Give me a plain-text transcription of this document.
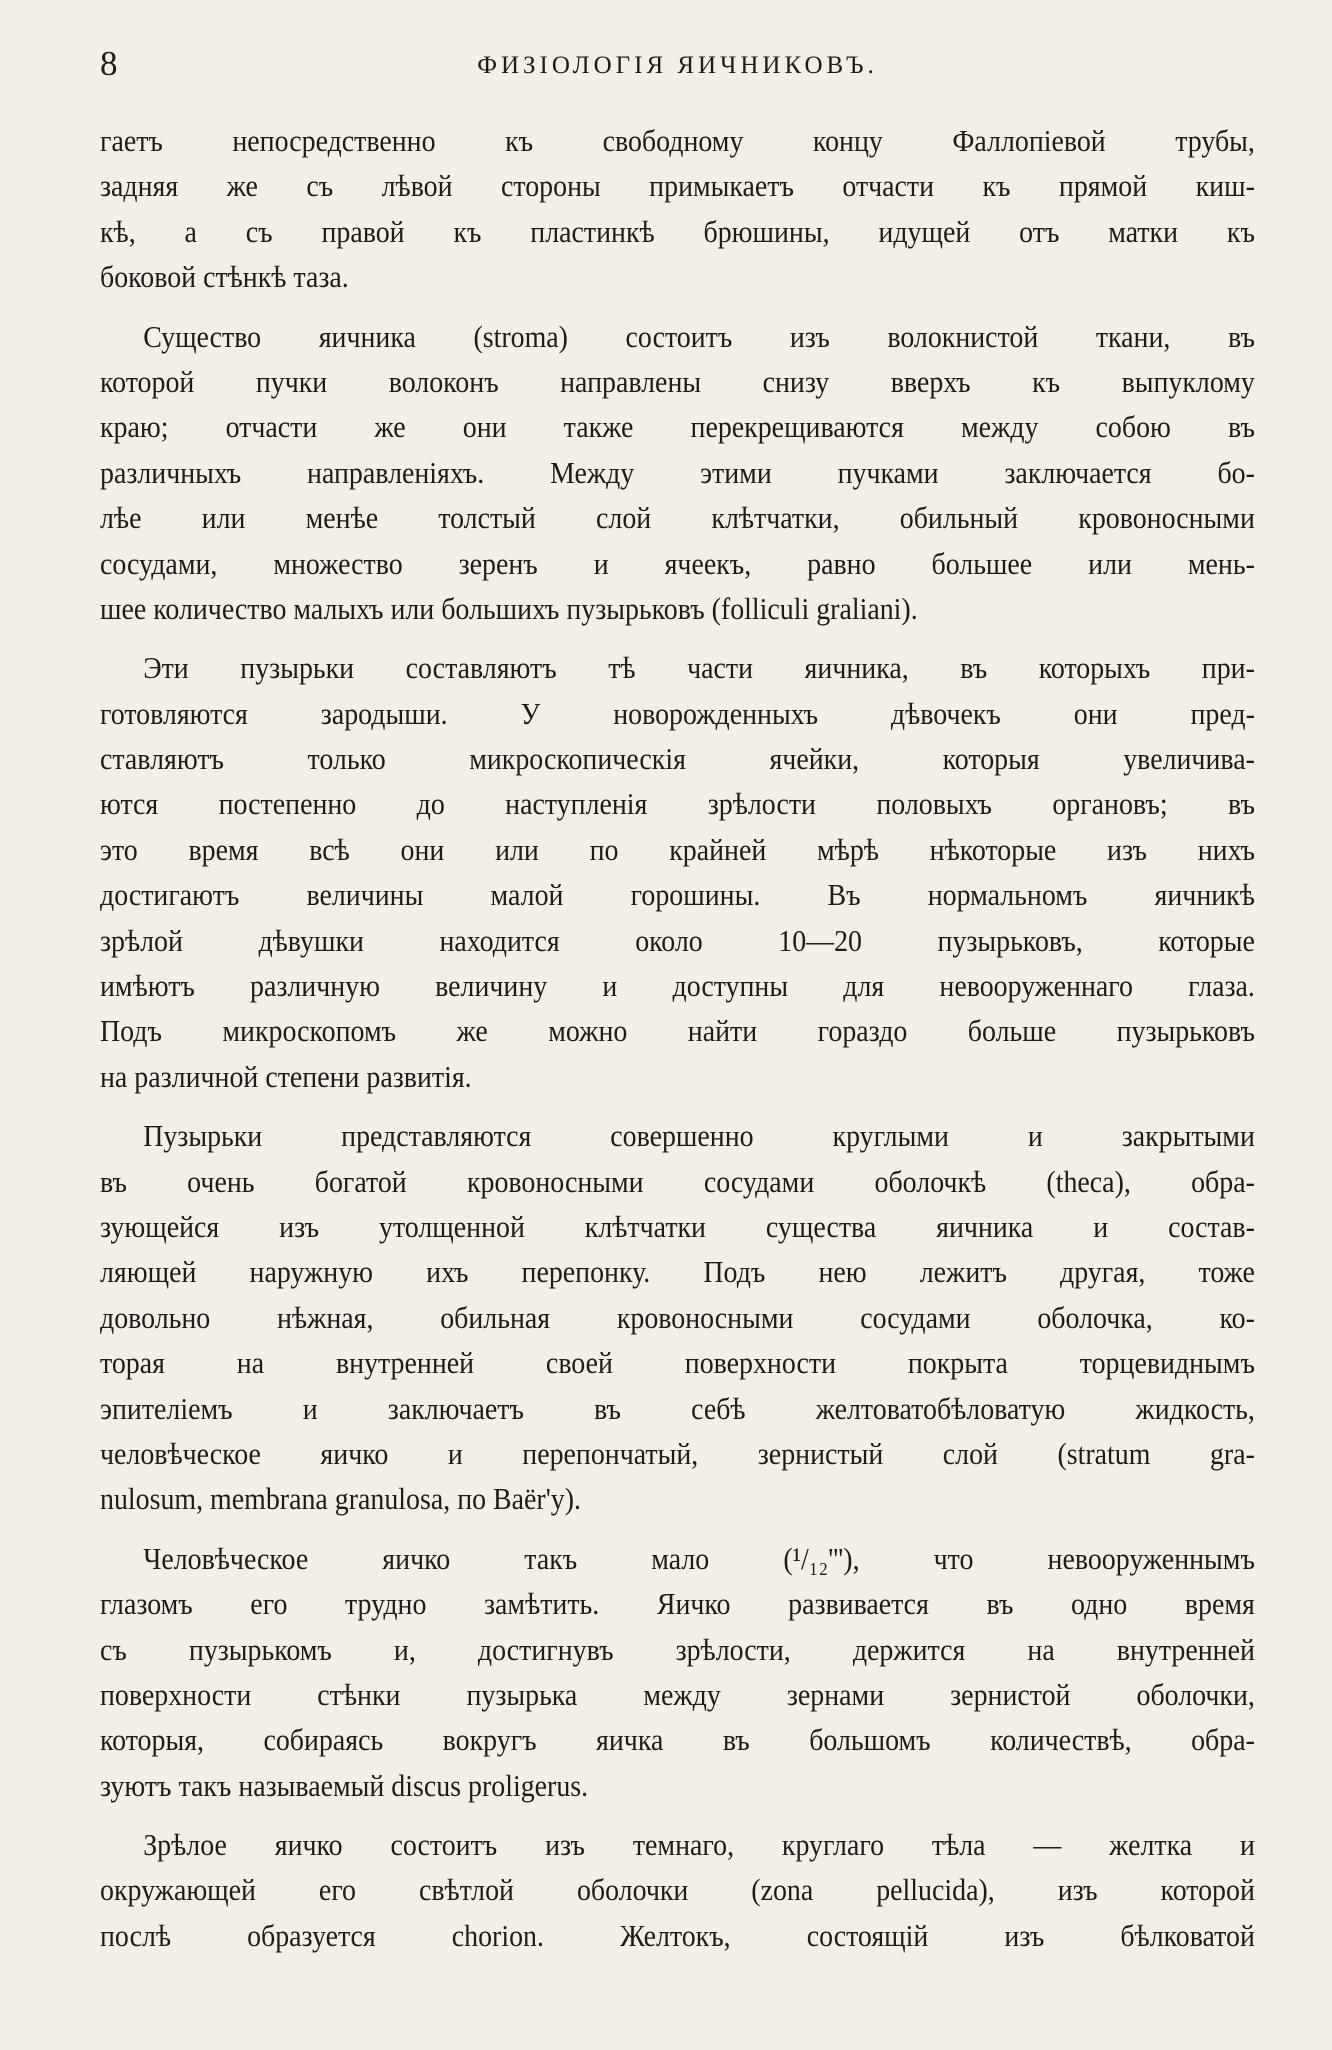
8	ФИЗІОЛОГІЯ ЯИЧНИКОВЪ.
гаетъ непосредственно къ свободному концу Фаллопіевой трубы,
задняя же съ лѣвой стороны примыкаетъ отчасти къ прямой киш-
кѣ, а съ правой къ пластинкѣ брюшины, идущей отъ матки къ
боковой стѣнкѣ таза.
Существо яичника (stroma) состоитъ изъ волокнистой ткани, въ
которой пучки волоконъ направлены снизу вверхъ къ выпуклому
краю; отчасти же они также перекрещиваются между собою въ
различныхъ направленіяхъ. Между этими пучками заключается бо-
лѣе или менѣе толстый слой клѣтчатки, обильный кровоносными
сосудами, множество зеренъ и ячеекъ, равно большее или мень-
шее количество малыхъ или большихъ пузырьковъ (folliculi graliani).
Эти пузырьки составляютъ тѣ части яичника, въ которыхъ при-
готовляются зародыши. У новорожденныхъ дѣвочекъ они пред-
ставляютъ только микроскопическія ячейки, которыя увеличива-
ются постепенно до наступленія зрѣлости половыхъ органовъ; въ
это время всѣ они или по крайней мѣрѣ нѣкоторые изъ нихъ
достигаютъ величины малой горошины. Въ нормальномъ яичникѣ
зрѣлой дѣвушки находится около 10—20 пузырьковъ, которые
имѣютъ различную величину и доступны для невооруженнаго глаза.
Подъ микроскопомъ же можно найти гораздо больше пузырьковъ
на различной степени развитія.
Пузырьки представляются совершенно круглыми и закрытыми
въ очень богатой кровоносными сосудами оболочкѣ (theca), обра-
зующейся изъ утолщенной клѣтчатки существа яичника и состав-
ляющей наружную ихъ перепонку. Подъ нею лежитъ другая, тоже
довольно нѣжная, обильная кровоносными сосудами оболочка, ко-
торая на внутренней своей поверхности покрыта торцевиднымъ
эпителіемъ и заключаетъ въ себѣ желтоватобѣловатую жидкость,
человѣческое яичко и перепончатый, зернистый слой (stratum gra-
nulosum, membrana granulosa, по Baër'y).
Человѣческое яичко такъ мало (¹/₁₂'''), что невооруженнымъ
глазомъ его трудно замѣтить. Яичко развивается въ одно время
съ пузырькомъ и, достигнувъ зрѣлости, держится на внутренней
поверхности стѣнки пузырька между зернами зернистой оболочки,
которыя, собираясь вокругъ яичка въ большомъ количествѣ, обра-
зуютъ такъ называемый discus proligerus.
Зрѣлое яичко состоитъ изъ темнаго, круглаго тѣла — желтка и
окружающей его свѣтлой оболочки (zona pellucida), изъ которой
послѣ образуется chorion. Желтокъ, состоящій изъ бѣлковатой
